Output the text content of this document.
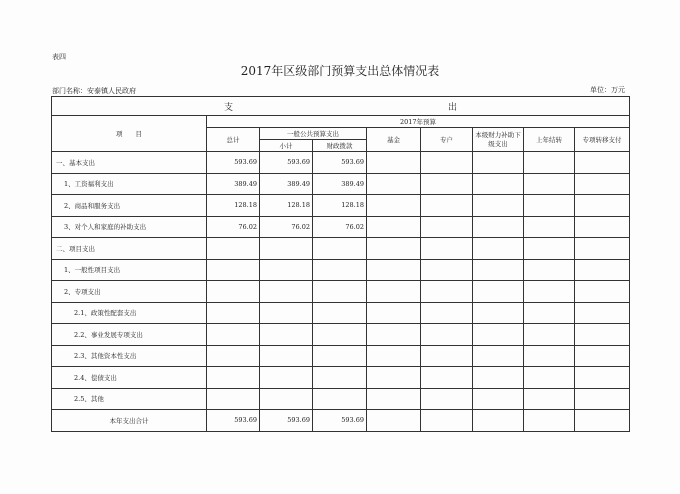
表四
2017年区级部门预算支出总体情况表
部门名称：安泰镇人民政府	单位：万元
支 出								
项　　目	2017年预算							
	总计	一般公共预算支出		基金	专户	本级财力补助下级支出	上年结转	专项转移支付
		小计	财政拨款					
一、基本支出	593.69	593.69	593.69					
1、工资福利支出	389.49	389.49	389.49					
2、商品和服务支出	128.18	128.18	128.18					
3、对个人和家庭的补助支出	76.02	76.02	76.02					
二、项目支出								
1、一般性项目支出								
2、专项支出								
2.1、政策性配套支出								
2.2、事业发展专项支出								
2.3、其他资本性支出								
2.4、偿债支出								
2.5、其他								
本年支出合计	593.69	593.69	593.69					
